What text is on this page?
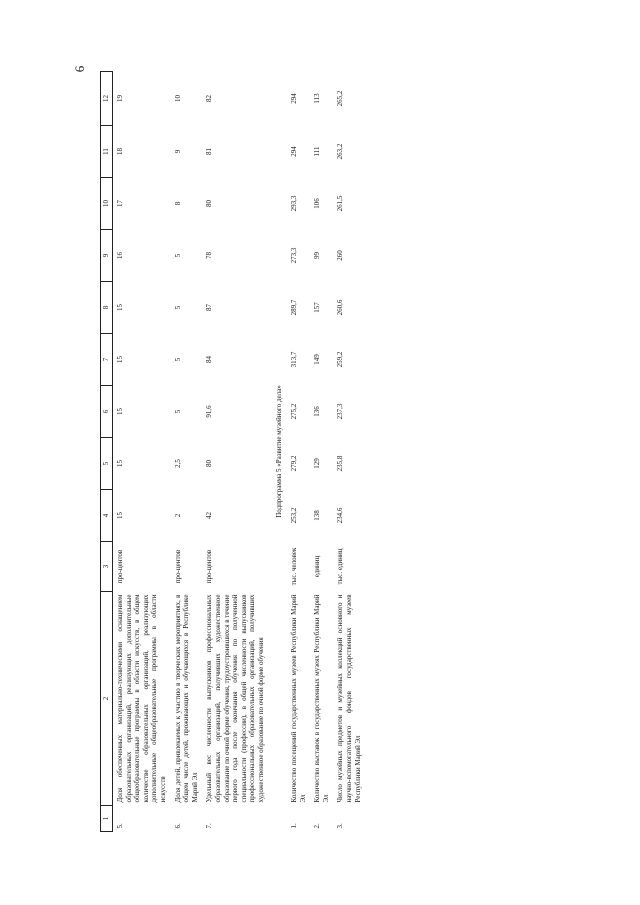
6
1	2	3	4	5	6	7	8	9	10	11	12
5.	Доля обеспеченных материально-техническими оснащением образовательных организаций, реализующих дополнительные общеобразовательные программы в области искусств, в общем количестве образовательных организаций, реализующих дополнительные общеобразовательные программы в области искусств	про-центов	15	15	15	15	15	16	17	18	19
6.	Доля детей, привлекаемых к участию в творческих мероприятиях, в общем числе детей, проживающих и обучающихся в Республике Марий Эл	про-центов	2	2,5	5	5	5	5	8	9	10
7.	Удельный вес численности выпускников профессиональных образовательных организаций, получивших художественное образование по очной форме обучения, трудоустроившихся в течение первого года после окончания обучения по полученной специальности (профессии), в общей численности выпускников профессиональных образовательных организаций, получивших художественное образование по очной форме обучения	про-центов	42	80	91,6	84	87	78	80	81	82
Подпрограмма 5 «Развитие музейного дела»											
1.	Количество посещений государственных музеев Республики Марий Эл	тыс. человек	253,2	279,2	275,2	313,7	289,7	273,3	293,3	294	294
2.	Количество выставок в государственных музеях Республики Марий Эл	единиц	138	129	136	149	157	99	106	111	113
3.	Число музейных предметов и музейных коллекций основного и научно-вспомогательного фондов государственных музеев Республики Марий Эл	тыс. единиц	234,6	235,8	237,3	259,2	260,6	260	261,5	263,2	265,2
